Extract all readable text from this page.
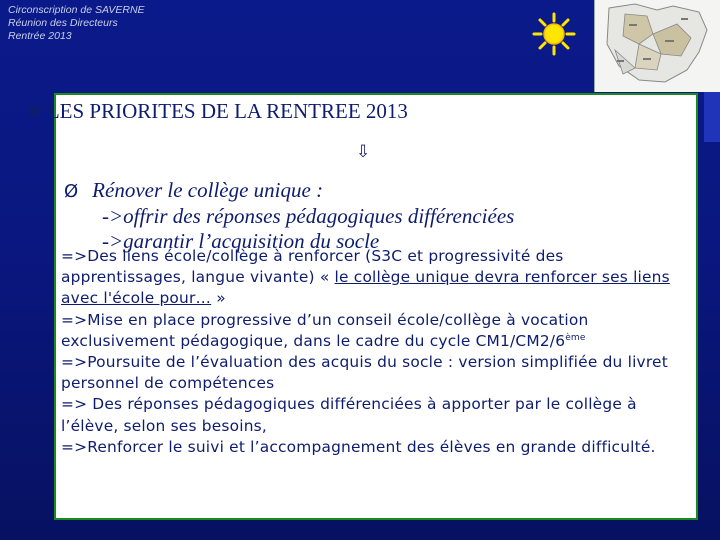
Circonscription de SAVERNE
Réunion des Directeurs
Rentrée 2013
☛LES PRIORITES DE LA RENTREE 2013
⇩
Ø Rénover le collège unique :
->offrir des réponses pédagogiques différenciées
->garantir l’acquisition du socle
=>Des liens école/collège à renforcer (S3C et progressivité des apprentissages, langue vivante) « le collège unique devra renforcer ses liens avec l'école pour… »
=>Mise en place progressive d’un conseil école/collège à vocation exclusivement pédagogique, dans le cadre du cycle CM1/CM2/6ème
=>Poursuite de l’évaluation des acquis du socle : version simplifiée du livret personnel de compétences
=> Des réponses pédagogiques différenciées à apporter par le collège à l’élève, selon ses besoins,
=>Renforcer le suivi et l’accompagnement des élèves en grande difficulté.
